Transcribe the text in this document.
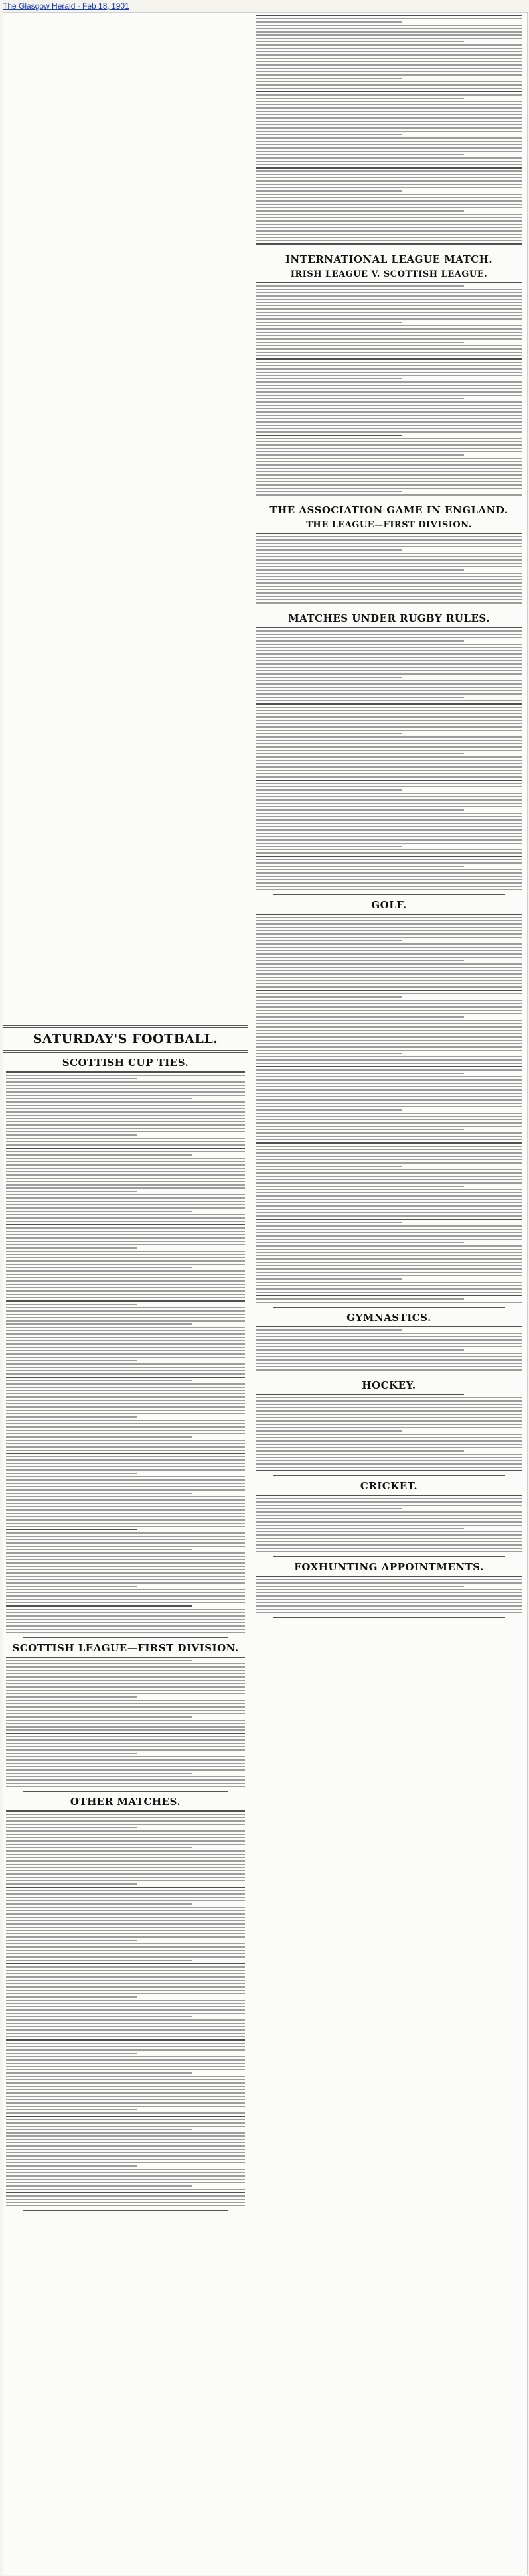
The Glasgow Herald - Feb 18, 1901
SATURDAY'S FOOTBALL.
SCOTTISH CUP TIES.
SCOTTISH LEAGUE—FIRST DIVISION.
OTHER MATCHES.
INTERNATIONAL LEAGUE MATCH.
IRISH LEAGUE V. SCOTTISH LEAGUE.
THE ASSOCIATION GAME IN ENGLAND.
THE LEAGUE—FIRST DIVISION.
MATCHES UNDER RUGBY RULES.
GOLF.
GYMNASTICS.
HOCKEY.
CRICKET.
FOXHUNTING APPOINTMENTS.
